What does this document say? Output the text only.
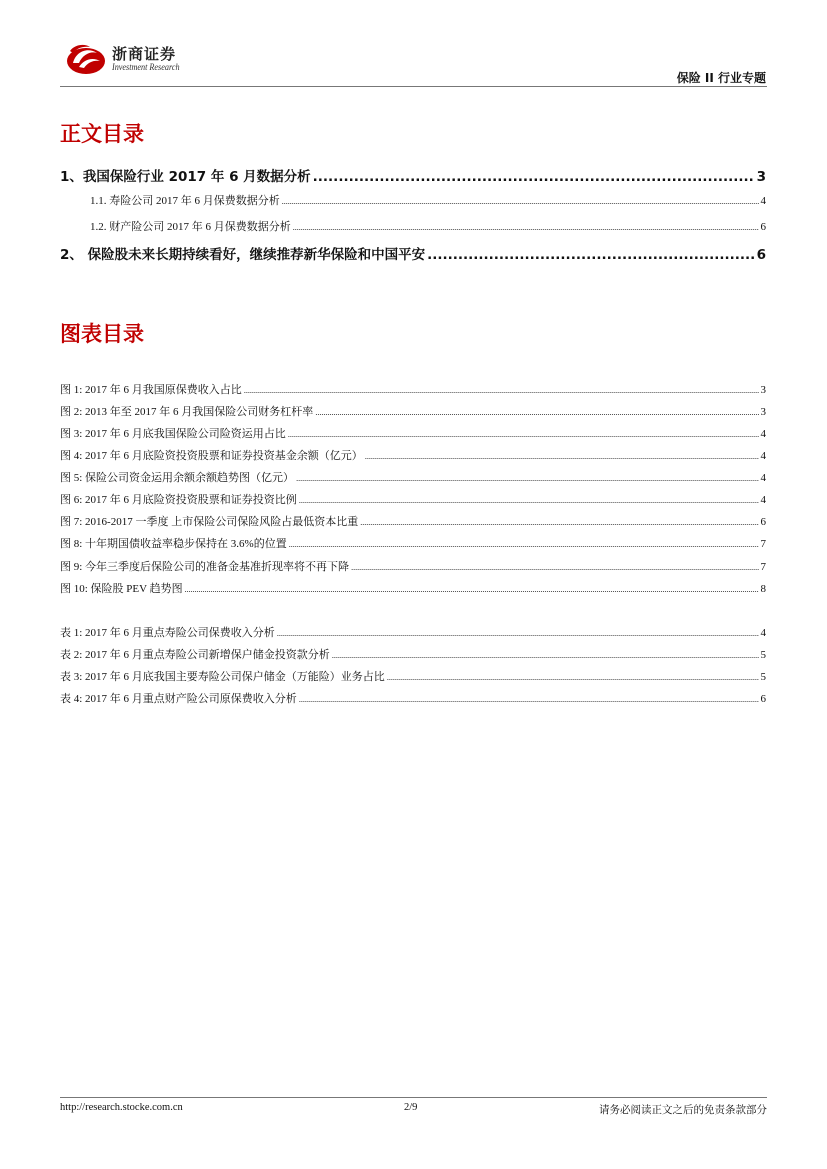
浙商证券
Investment Research
保险 II 行业专题
正文目录
1、我国保险行业 2017 年 6 月数据分析 .....	3
1.1. 寿险公司 2017 年 6 月保费数据分析 .....	4
1.2. 财产险公司 2017 年 6 月保费数据分析 .....	6
2、 保险股未来长期持续看好，继续推荐新华保险和中国平安 .....	6
图表目录
图 1: 2017 年 6 月我国原保费收入占比 .....	3
图 2: 2013 年至 2017 年 6 月我国保险公司财务杠杆率 .....	3
图 3: 2017 年 6 月底我国保险公司险资运用占比 .....	4
图 4: 2017 年 6 月底险资投资股票和证券投资基金余额（亿元） .....	4
图 5: 保险公司资金运用余额余额趋势图（亿元） .....	4
图 6: 2017 年 6 月底险资投资股票和证券投资比例 .....	4
图 7: 2016-2017 一季度 上市保险公司保险风险占最低资本比重 .....	6
图 8: 十年期国债收益率稳步保持在 3.6%的位置 .....	7
图 9: 今年三季度后保险公司的准备金基准折现率将不再下降 .....	7
图 10: 保险股 PEV 趋势图 .....	8
表 1: 2017 年 6 月重点寿险公司保费收入分析 .....	4
表 2: 2017 年 6 月重点寿险公司新增保户储金投资款分析 .....	5
表 3: 2017 年 6 月底我国主要寿险公司保户储金（万能险）业务占比 .....	5
表 4: 2017 年 6 月重点财产险公司原保费收入分析 .....	6
http://research.stocke.com.cn	2/9	请务必阅读正文之后的免责条款部分
